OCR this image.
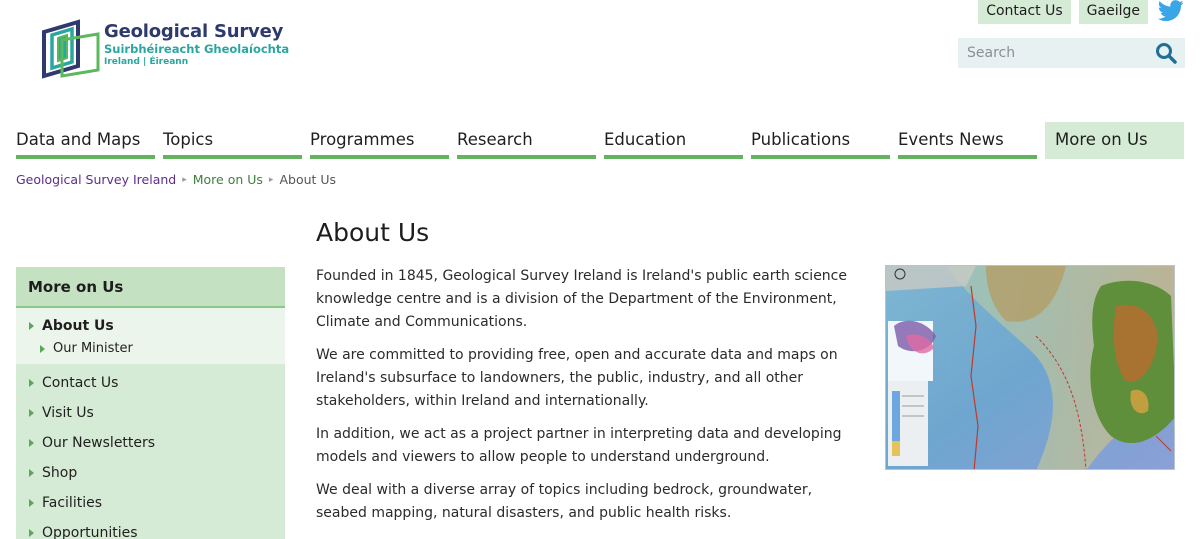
Geological Survey
Suirbhéireacht Gheolaíochta
Ireland | Éireann
Contact Us	Gaeilge
Search
Data and Maps	Topics	Programmes	Research	Education	Publications	Events News	More on Us
Geological Survey Ireland ▸ More on Us ▸ About Us
More on Us
About Us
Our Minister
Contact Us
Visit Us
Our Newsletters
Shop
Facilities
Opportunities
About Us

Founded in 1845, Geological Survey Ireland is Ireland's public earth science knowledge centre and is a division of the Department of the Environment, Climate and Communications.

We are committed to providing free, open and accurate data and maps on Ireland's subsurface to landowners, the public, industry, and all other stakeholders, within Ireland and internationally.

In addition, we act as a project partner in interpreting data and developing models and viewers to allow people to understand underground.

We deal with a diverse array of topics including bedrock, groundwater, seabed mapping, natural disasters, and public health risks.
